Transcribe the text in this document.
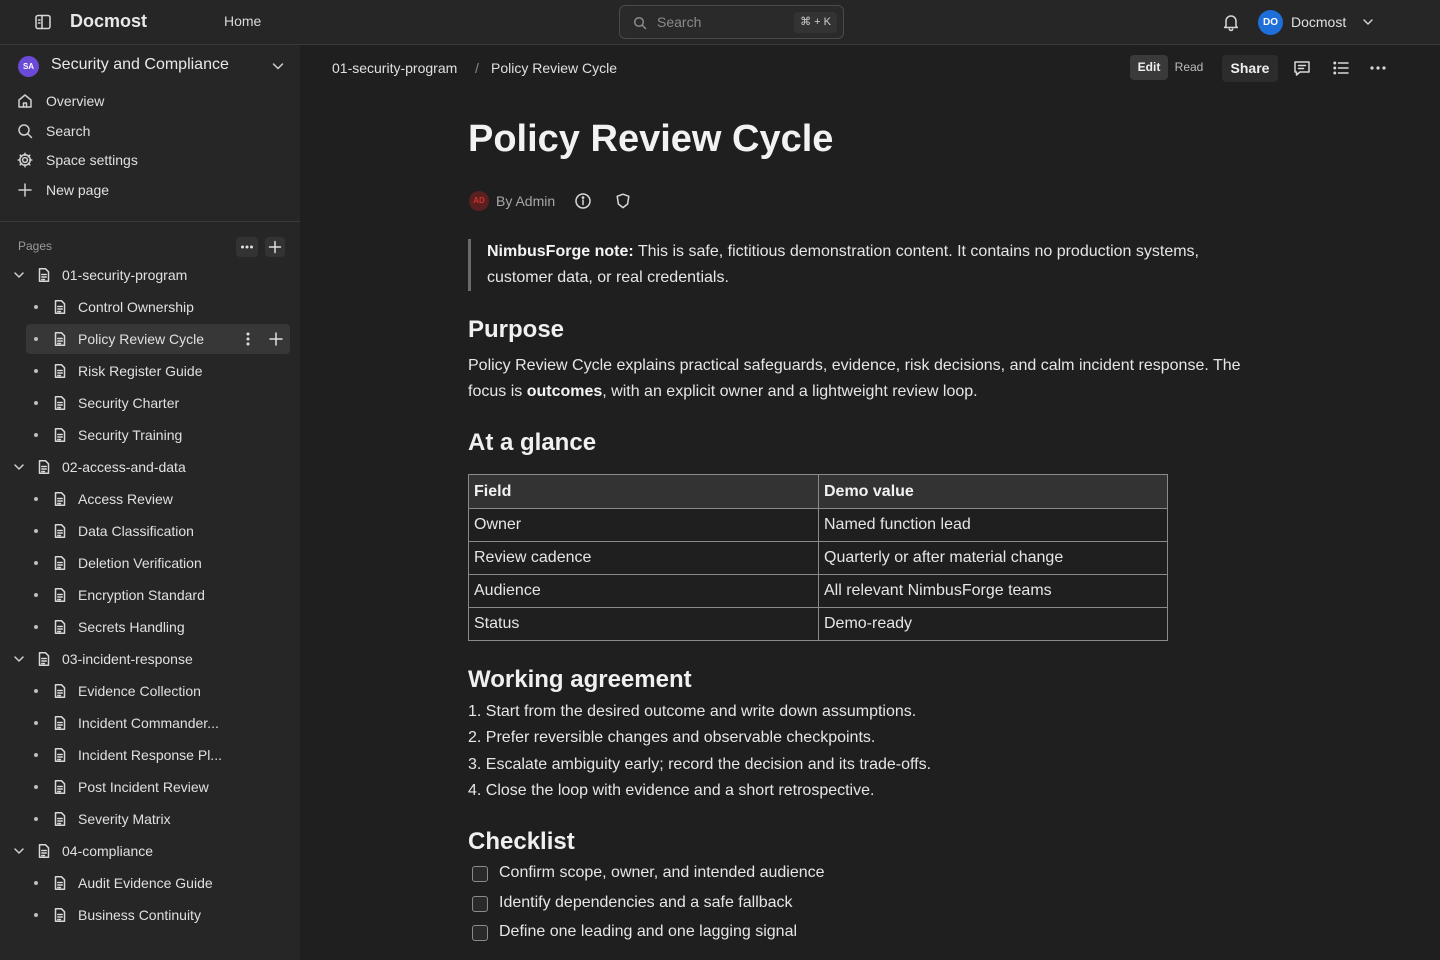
Docmost	Home	Search	⌘ + K	DO Docmost
SA	Security and Compliance
Overview
Search
Space settings
New page
Pages
01-security-program
Control Ownership
Policy Review Cycle
Risk Register Guide
Security Charter
Security Training
02-access-and-data
Access Review
Data Classification
Deletion Verification
Encryption Standard
Secrets Handling
03-incident-response
Evidence Collection
Incident Commander...
Incident Response Pl...
Post Incident Review
Severity Matrix
04-compliance
Audit Evidence Guide
Business Continuity
01-security-program / Policy Review Cycle	Edit	Read	Share
Policy Review Cycle
AD By Admin
NimbusForge note: This is safe, fictitious demonstration content. It contains no production systems, customer data, or real credentials.
Purpose
Policy Review Cycle explains practical safeguards, evidence, risk decisions, and calm incident response. The focus is outcomes, with an explicit owner and a lightweight review loop.
At a glance
Field	Demo value
Owner	Named function lead
Review cadence	Quarterly or after material change
Audience	All relevant NimbusForge teams
Status	Demo-ready
Working agreement
1. Start from the desired outcome and write down assumptions.
2. Prefer reversible changes and observable checkpoints.
3. Escalate ambiguity early; record the decision and its trade-offs.
4. Close the loop with evidence and a short retrospective.
Checklist
Confirm scope, owner, and intended audience
Identify dependencies and a safe fallback
Define one leading and one lagging signal
